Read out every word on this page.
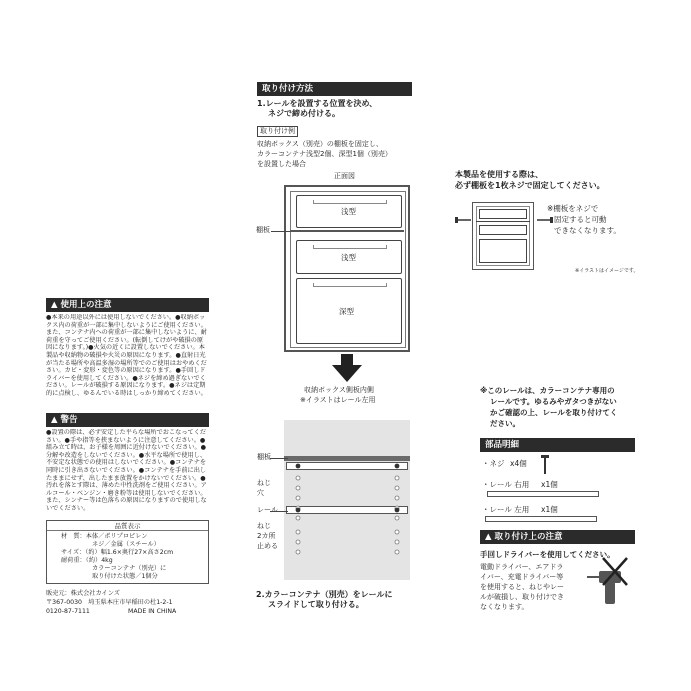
取り付け方法
1.レールを設置する位置を決め、
ネジで締め付ける。
取り付け例
収納ボックス（別売）の棚板を固定し、
カラーコンテナ浅型2個、深型1個（別売）
を設置した場合
正面図
棚板
浅型
浅型
深型
収納ボックス側板内側
※イラストはレール左用
棚板
ねじ
穴
レール
ねじ
2カ所
止める
2.カラーコンテナ（別売）をレールに
スライドして取り付ける。
本製品を使用する際は、
必ず棚板を1枚ネジで固定してください。
※棚板をネジで
固定すると可動
できなくなります。
※イラストはイメージです。
※このレールは、カラーコンテナ専用の
レールです。ゆるみやガタつきがない
かご確認の上、レールを取り付けてく
ださい。
部品明細
・ネジ x4個
・レール 右用 x1個
・レール 左用 x1個
▲ 取り付け上の注意
手回しドライバーを使用してください。
電動ドライバー、エアドラ
イバー、充電ドライバー等
を使用すると、ねじやレー
ルが破損し、取り付けでき
なくなります。
▲ 使用上の注意
●本来の用途以外には使用しないでください。●収納ボックス内の荷重が一部に集中しないようにご使用ください。また、コンテナ内への荷重が一部に集中しないように、耐荷重を守ってご使用ください。(転倒してけがや破損の原因になります。)●火気の近くに設置しないでください。本製品や収納物の破損や火災の原因になります。●直射日光が当たる場所や高温多湿の場所等でのご使用はおやめください。カビ・変形・変色等の原因になります。●手回しドライバーを使用してください。●ネジを締め過ぎないでください。レールが破損する原因になります。●ネジは定期的に点検し、ゆるんでいる時はしっかり締めてください。
▲ 警告
●設置の際は、必ず安定した平らな場所でおこなってください。●手や指等を挟まないように注意してください。●組み立て時は、お子様を周囲に近付けないでください。●分解や改造をしないでください。●水平な場所で使用し、不安定な状態での使用はしないでください。●コンテナを同時に引き出さないでください。●コンテナを手前に出したままにせず、出したまま放置をかけないでください。●汚れを落とす際は、薄めた中性洗剤をご使用ください。アルコール・ベンジン・磨き粉等は使用しないでください。また、シンナー等は色落ちの原因になりますので使用しないでください。
品質表示
材　質：本体／ポリプロピレン
ネジ／金属（スチール）
サイズ：（約）幅1.6×奥行27×高さ2cm
耐荷重：（約）4kg
カラーコンテナ（別売）に
取り付けた状態／1個分
販売元：株式会社カインズ
〒367-0030　埼玉県本庄市早稲田の杜1-2-1
0120-87-7111	MADE IN CHINA
